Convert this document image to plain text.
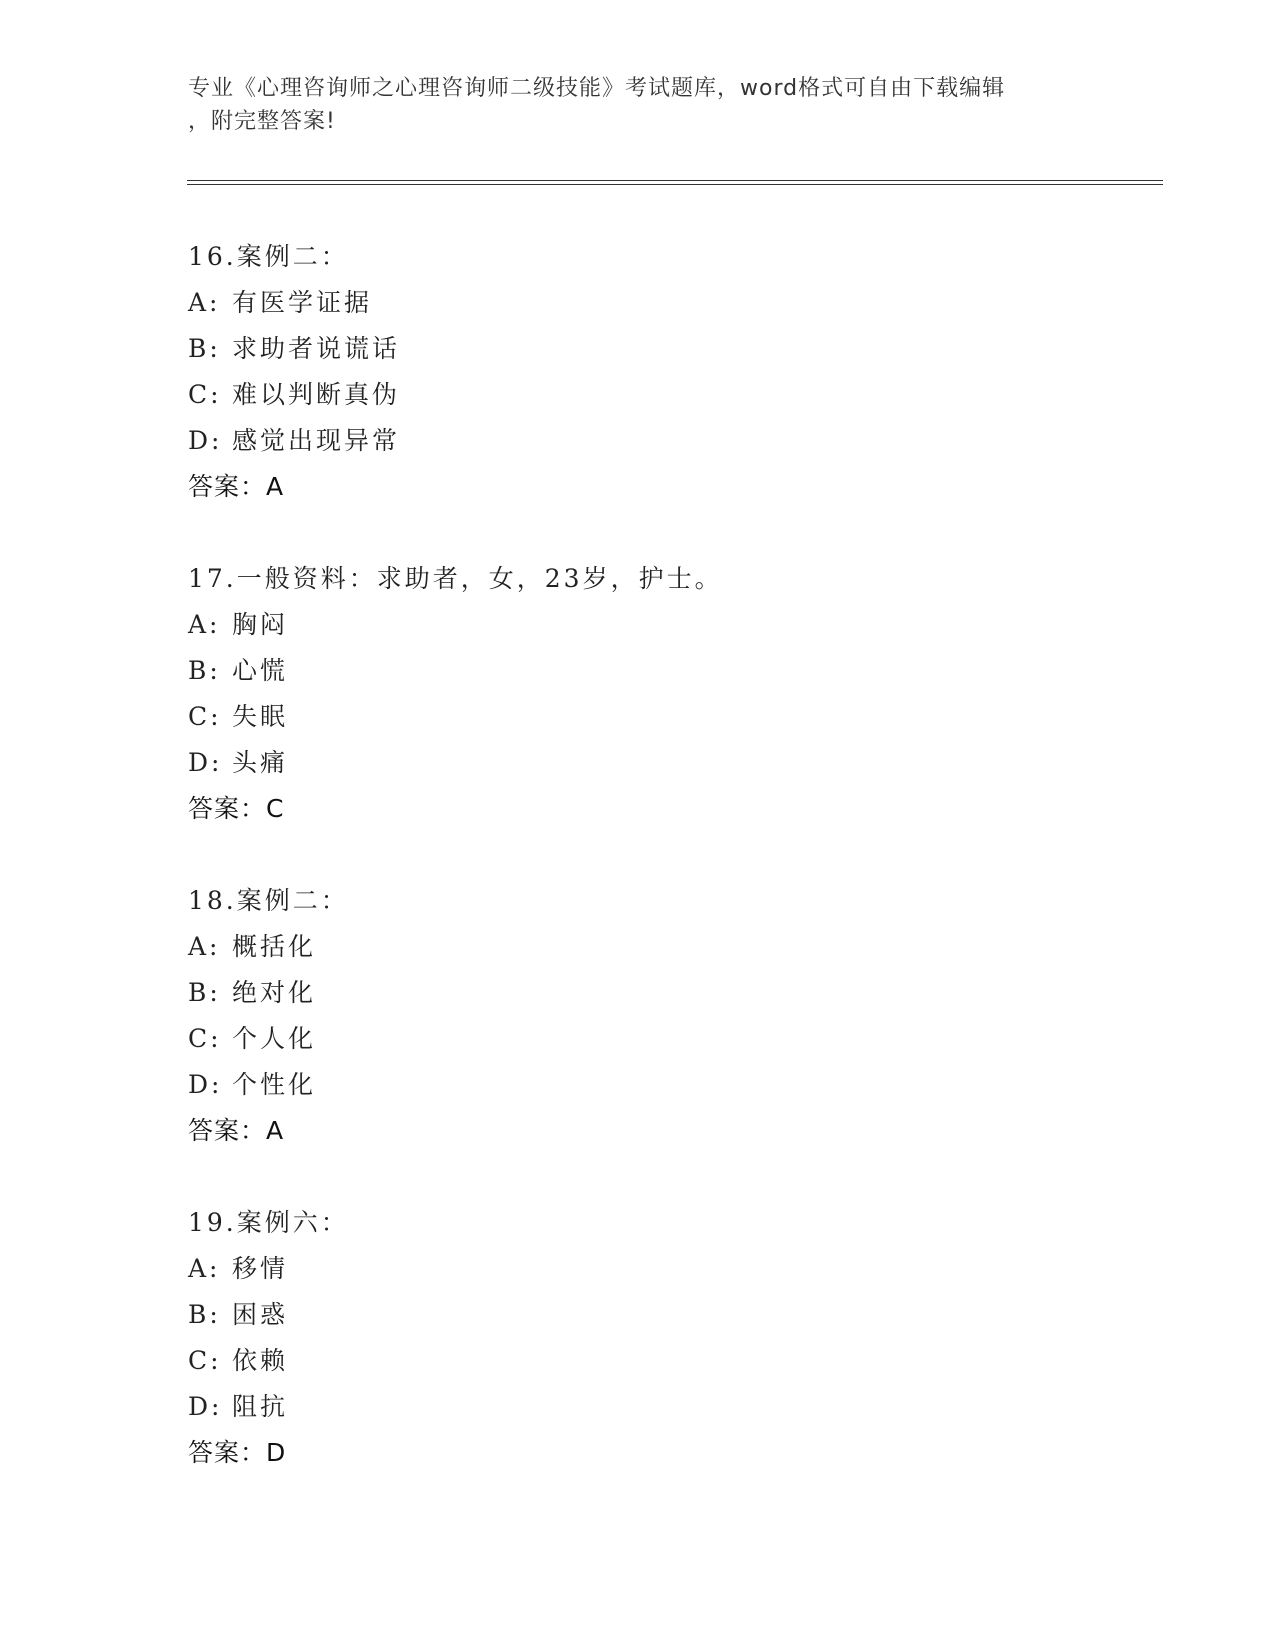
专业《心理咨询师之心理咨询师二级技能》考试题库，word格式可自由下载编辑

，附完整答案!

16.案例二：
A: 有医学证据
B: 求助者说谎话
C: 难以判断真伪
D: 感觉出现异常
答案：A
17.一般资料：求助者，女，23岁，护士。
A: 胸闷
B: 心慌
C: 失眠
D: 头痛
答案：C
18.案例二：
A: 概括化
B: 绝对化
C: 个人化
D: 个性化
答案：A
19.案例六：
A: 移情
B: 困惑
C: 依赖
D: 阻抗
答案：D
